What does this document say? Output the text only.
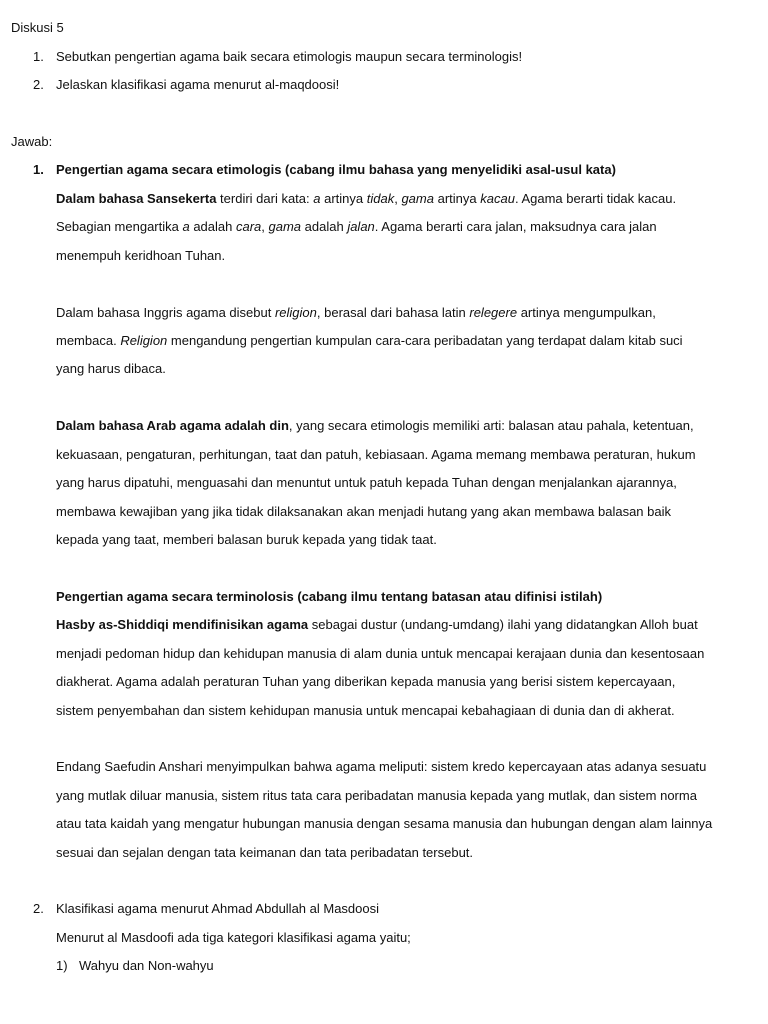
Diskusi 5
1. Sebutkan pengertian agama baik secara etimologis maupun secara terminologis!
2. Jelaskan klasifikasi agama menurut al-maqdoosi!
Jawab:
1. Pengertian agama secara etimologis (cabang ilmu bahasa yang menyelidiki asal-usul kata)
Dalam bahasa Sansekerta terdiri dari kata: a artinya tidak, gama artinya kacau. Agama berarti tidak kacau.
Sebagian mengartika a adalah cara, gama adalah jalan. Agama berarti cara jalan, maksudnya cara jalan
menempuh keridhoan Tuhan.
Dalam bahasa Inggris agama disebut religion, berasal dari bahasa latin relegere artinya mengumpulkan,
membaca. Religion mengandung pengertian kumpulan cara-cara peribadatan yang terdapat dalam kitab suci
yang harus dibaca.
Dalam bahasa Arab agama adalah din, yang secara etimologis memiliki arti: balasan atau pahala, ketentuan,
kekuasaan, pengaturan, perhitungan, taat dan patuh, kebiasaan. Agama memang membawa peraturan, hukum
yang harus dipatuhi, menguasahi dan menuntut untuk patuh kepada Tuhan dengan menjalankan ajarannya,
membawa kewajiban yang jika tidak dilaksanakan akan menjadi hutang yang akan membawa balasan baik
kepada yang taat, memberi balasan buruk kepada yang tidak taat.
Pengertian agama secara terminolosis (cabang ilmu tentang batasan atau difinisi istilah)
Hasby as-Shiddiqi mendifinisikan agama sebagai dustur (undang-umdang) ilahi yang didatangkan Alloh buat
menjadi pedoman hidup dan kehidupan manusia di alam dunia untuk mencapai kerajaan dunia dan kesentosaan
diakherat. Agama adalah peraturan Tuhan yang diberikan kepada manusia yang berisi sistem kepercayaan,
sistem penyembahan dan sistem kehidupan manusia untuk mencapai kebahagiaan di dunia dan di akherat.
Endang Saefudin Anshari menyimpulkan bahwa agama meliputi: sistem kredo kepercayaan atas adanya sesuatu
yang mutlak diluar manusia, sistem ritus tata cara peribadatan manusia kepada yang mutlak, dan sistem norma
atau tata kaidah yang mengatur hubungan manusia dengan sesama manusia dan hubungan dengan alam lainnya
sesuai dan sejalan dengan tata keimanan dan tata peribadatan tersebut.
2. Klasifikasi agama menurut Ahmad Abdullah al Masdoosi
Menurut al Masdoofi ada tiga kategori klasifikasi agama yaitu;
1) Wahyu dan Non-wahyu
